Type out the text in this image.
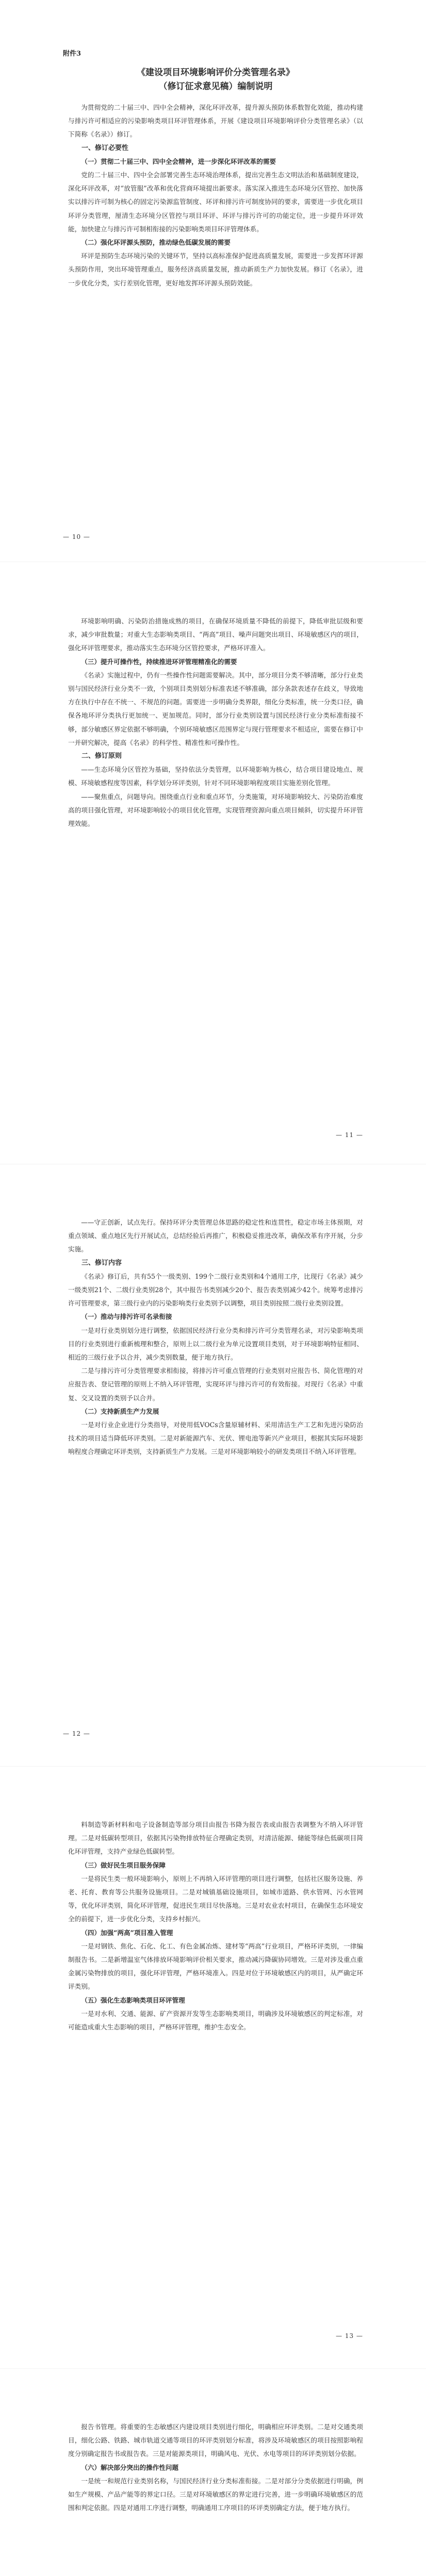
附件3
《建设项目环境影响评价分类管理名录》
（修订征求意见稿）编制说明

为贯彻党的二十届三中、四中全会精神，深化环评改革，提升源头预防体系数智化效能，推动构建与排污许可相适应的污染影响类项目环评管理体系，开展《建设项目环境影响评价分类管理名录》（以下简称《名录》）修订。

一、修订必要性

（一）贯彻二十届三中、四中全会精神，进一步深化环评改革的需要

党的二十届三中、四中全会部署完善生态环境治理体系，提出完善生态文明法治和基础制度建设，深化环评改革，对“放管服”改革和优化营商环境提出新要求。落实深入推进生态环境分区管控、加快落实以排污许可制为核心的固定污染源监管制度、环评和排污许可制度协同的要求，需要进一步优化项目环评分类管理，厘清生态环境分区管控与项目环评、环评与排污许可的功能定位，进一步提升环评效能，加快建立与排污许可制相衔接的污染影响类项目环评管理体系。

（二）强化环评源头预防，推动绿色低碳发展的需要

环评是预防生态环境污染的关键环节，坚持以高标准保护促进高质量发展，需要进一步发挥环评源头预防作用，突出环境管理重点，服务经济高质量发展，推动新质生产力加快发展。修订《名录》，进一步优化分类，实行差别化管理，更好地发挥环评源头预防效能。

— 10 —

环境影响明确、污染防治措施成熟的项目，在确保环境质量不降低的前提下，降低审批层级和要求，减少审批数量；对重大生态影响类项目、“两高”项目、噪声问题突出项目、环境敏感区内的项目，强化环评管理要求，推动落实生态环境分区管控要求，严格环评准入。

（三）提升可操作性，持续推进环评管理精准化的需要

《名录》实施过程中，仍有一些操作性问题需要解决。其中，部分项目分类不够清晰，部分行业类别与国民经济行业分类不一致，个别项目类别划分标准表述不够准确，部分条款表述存在歧义，导致地方在执行中存在不统一、不规范的问题。需要进一步明确分类界限，细化分类标准，统一分类口径，确保各地环评分类执行更加统一、更加规范。同时，部分行业类别设置与国民经济行业分类标准衔接不够，部分敏感区界定依据不够明确，个别环境敏感区范围界定与现行管理要求不相适应，需要在修订中一并研究解决，提高《名录》的科学性、精准性和可操作性。

二、修订原则

——生态环境分区管控为基础，坚持依法分类管理，以环境影响为核心，结合项目建设地点、规模、环境敏感程度等因素，科学划分环评类别，针对不同环境影响程度项目实施差别化管理。

——聚焦重点，问题导向。围绕重点行业和重点环节，分类施策，对环境影响较大、污染防治难度高的项目强化管理，对环境影响较小的项目优化管理，实现管理资源向重点项目倾斜，切实提升环评管理效能。

— 11 —

——守正创新，试点先行。保持环评分类管理总体思路的稳定性和连贯性，稳定市场主体预期，对重点领域、重点地区先行开展试点，总结经验后再推广，积极稳妥推进改革，确保改革有序开展，分步实施。

三、修订内容

《名录》修订后，共有55个一级类别、199个二级行业类别和4个通用工序，比现行《名录》减少一级类别21个、二级行业类别28个，其中报告书类别减少20个、报告表类别减少42个。统筹考虑排污许可管理要求，第三级行业内的污染影响类行业类别予以调整，项目类别按照二级行业类别设置。

（一）推动与排污许可名录衔接

一是对行业类别划分进行调整，依据国民经济行业分类和排污许可分类管理名录，对污染影响类项目的行业类别进行重新梳理和整合，原则上以二级行业为单元设置项目类别，对于环境影响特征相同、相近的三级行业予以合并，减少类别数量，便于地方执行。

二是与排污许可分类管理要求相衔接，将排污许可重点管理的行业类别对应报告书、简化管理的对应报告表、登记管理的原则上不纳入环评管理，实现环评与排污许可的有效衔接。对现行《名录》中重复、交叉设置的类别予以合并。

（二）支持新质生产力发展

一是对行业企业进行分类指导，对使用低VOCs含量原辅材料、采用清洁生产工艺和先进污染防治技术的项目适当降低环评类别。二是对新能源汽车、光伏、锂电池等新兴产业项目，根据其实际环境影响程度合理确定环评类别，支持新质生产力发展。三是对环境影响较小的研发类项目不纳入环评管理。

— 12 —

料制造等新材料和电子设备制造等部分项目由报告书降为报告表或由报告表调整为不纳入环评管理。二是对低碳转型项目，依据其污染物排放特征合理确定类别，对清洁能源、储能等绿色低碳项目简化环评管理，支持产业绿色低碳转型。

（三）做好民生项目服务保障

一是将民生类一般环境影响小，原则上不再纳入环评管理的项目进行调整，包括社区服务设施、养老、托育、教育等公共服务设施项目。二是对城镇基础设施项目，如城市道路、供水管网、污水管网等，优化环评类别，简化环评管理，促进民生项目尽快落地。三是对农业农村项目，在确保生态环境安全的前提下，进一步优化分类，支持乡村振兴。

（四）加强“两高”项目准入管理

一是对钢铁、焦化、石化、化工、有色金属冶炼、建材等“两高”行业项目，严格环评类别，一律编制报告书。二是新增温室气体排放环境影响评价相关要求，推动减污降碳协同增效。三是对涉及重点重金属污染物排放的项目，强化环评管理，严格环境准入。四是对位于环境敏感区内的项目，从严确定环评类别。

（五）强化生态影响类项目环评管理

一是对水利、交通、能源、矿产资源开发等生态影响类项目，明确涉及环境敏感区的判定标准，对可能造成重大生态影响的项目，严格环评管理，维护生态安全。

— 13 —

报告书管理。将重要的生态敏感区内建设项目类别进行细化，明确相应环评类别。二是对交通类项目，细化公路、铁路、城市轨道交通等项目的环评类别划分标准，将涉及环境敏感区的项目按照影响程度分别确定报告书或报告表。三是对能源类项目，明确风电、光伏、水电等项目的环评类别划分依据。

（六）解决部分突出的操作性问题

一是统一和规范行业类别名称，与国民经济行业分类标准衔接。二是对部分分类依据进行明确，例如生产规模、产品产能等的界定口径。三是对环境敏感区的界定进行完善，进一步明确环境敏感区的范围和判定依据。四是对通用工序进行调整，明确通用工序项目的环评类别确定方法，便于地方执行。
